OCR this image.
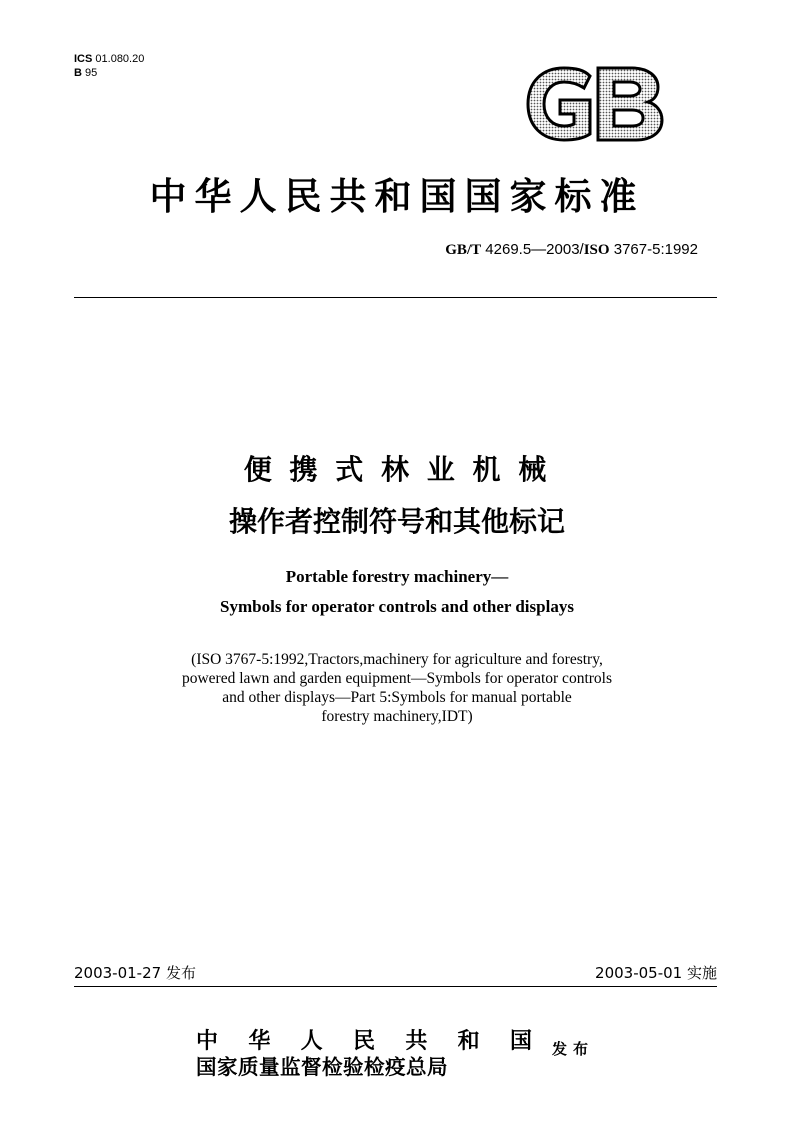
ICS 01.080.20
B 95
中华人民共和国国家标准
GB/T 4269.5—2003/ISO 3767-5:1992
便 携 式 林 业 机 械
操作者控制符号和其他标记
Portable forestry machinery—
Symbols for operator controls and other displays
(ISO 3767-5:1992,Tractors,machinery for agriculture and forestry,
powered lawn and garden equipment—Symbols for operator controls
and other displays—Part 5:Symbols for manual portable
forestry machinery,IDT)
2003-01-27 发布	2003-05-01 实施
中 华 人 民 共 和 国
国家质量监督检验检疫总局
发布
